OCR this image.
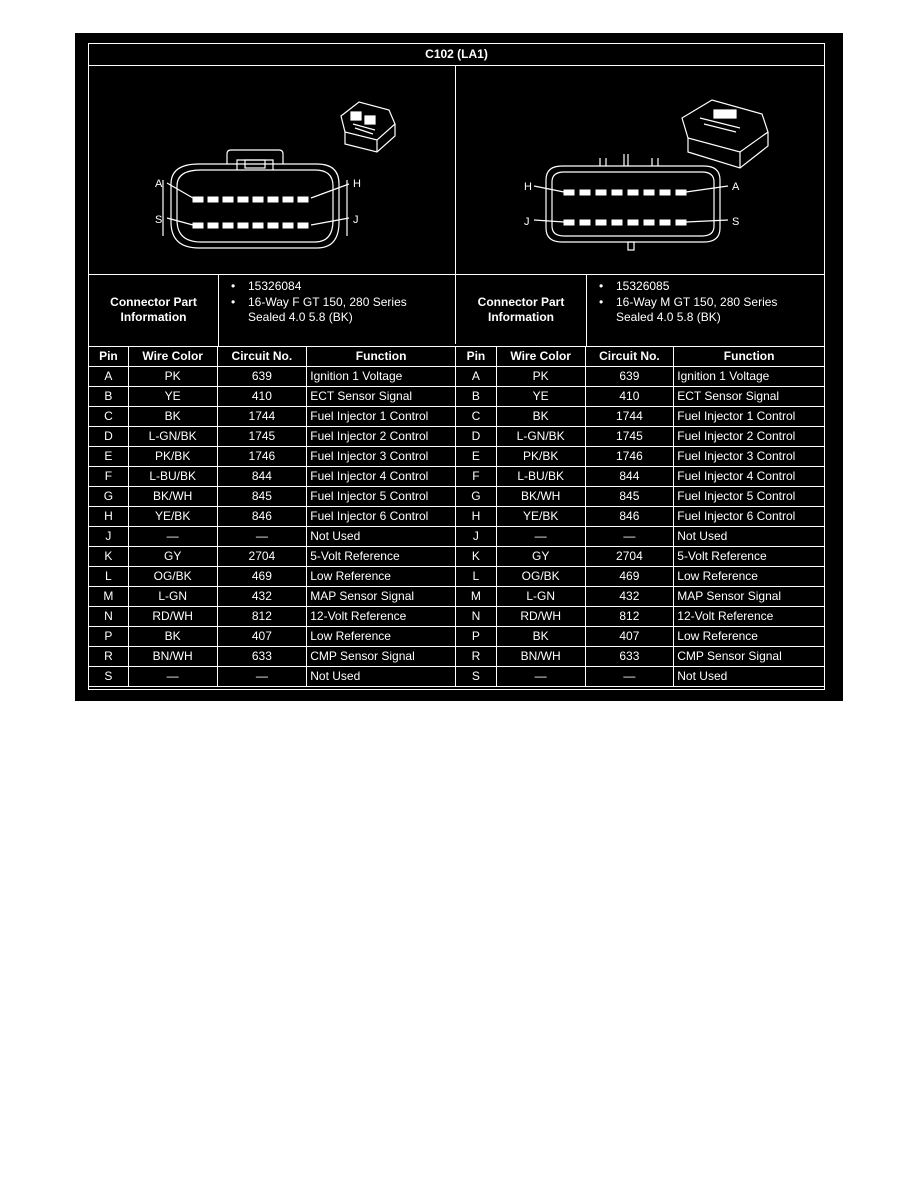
C102 (LA1)
A	H
S	J
H	A
J	S
Connector Part
Information
• 15326084
• 16-Way F GT 150, 280 Series
Sealed 4.0 5.8 (BK)
Connector Part
Information
• 15326085
• 16-Way M GT 150, 280 Series
Sealed 4.0 5.8 (BK)
Pin	Wire Color	Circuit No.	Function
A	PK	639	Ignition 1 Voltage
B	YE	410	ECT Sensor Signal
C	BK	1744	Fuel Injector 1 Control
D	L-GN/BK	1745	Fuel Injector 2 Control
E	PK/BK	1746	Fuel Injector 3 Control
F	L-BU/BK	844	Fuel Injector 4 Control
G	BK/WH	845	Fuel Injector 5 Control
H	YE/BK	846	Fuel Injector 6 Control
J	—	—	Not Used
K	GY	2704	5-Volt Reference
L	OG/BK	469	Low Reference
M	L-GN	432	MAP Sensor Signal
N	RD/WH	812	12-Volt Reference
P	BK	407	Low Reference
R	BN/WH	633	CMP Sensor Signal
S	—	—	Not Used
Pin	Wire Color	Circuit No.	Function
A	PK	639	Ignition 1 Voltage
B	YE	410	ECT Sensor Signal
C	BK	1744	Fuel Injector 1 Control
D	L-GN/BK	1745	Fuel Injector 2 Control
E	PK/BK	1746	Fuel Injector 3 Control
F	L-BU/BK	844	Fuel Injector 4 Control
G	BK/WH	845	Fuel Injector 5 Control
H	YE/BK	846	Fuel Injector 6 Control
J	—	—	Not Used
K	GY	2704	5-Volt Reference
L	OG/BK	469	Low Reference
M	L-GN	432	MAP Sensor Signal
N	RD/WH	812	12-Volt Reference
P	BK	407	Low Reference
R	BN/WH	633	CMP Sensor Signal
S	—	—	Not Used
